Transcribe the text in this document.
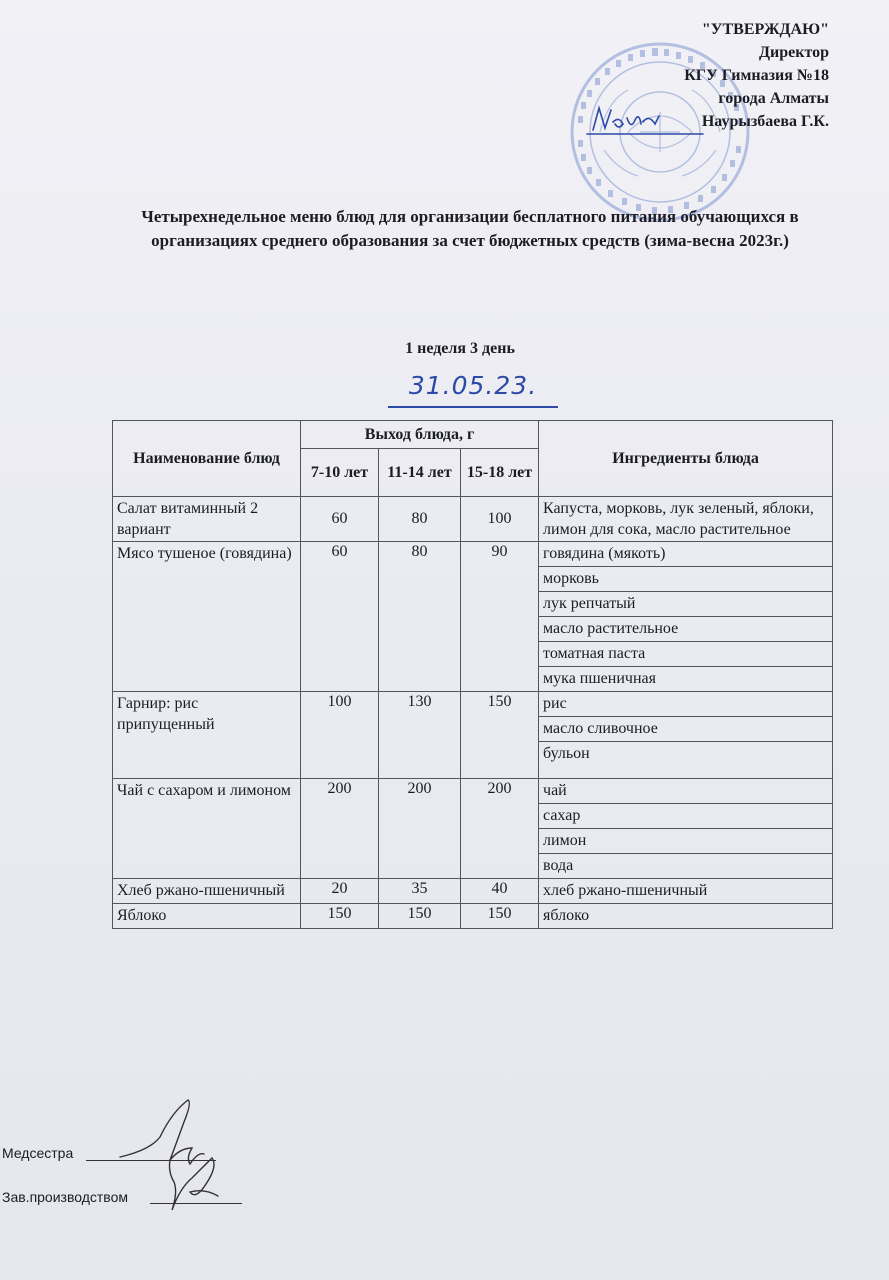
"УТВЕРЖДАЮ"
Директор
КГУ Гимназия №18
города Алматы
Наурызбаева Г.К.
Четырехнедельное меню блюд для организации бесплатного питания обучающихся в организациях среднего образования за счет бюджетных средств (зима-весна 2023г.)
1 неделя 3 день
31.05.23.
Наименование блюд	Выход блюда, г			Ингредиенты блюда
	7-10 лет	11-14 лет	15-18 лет	
Салат витаминный 2 вариант	60	80	100	Капуста, морковь, лук зеленый, яблоки, лимон для сока, масло растительное
Мясо тушеное (говядина)	60	80	90	говядина (мякоть)
				морковь
				лук репчатый
				масло растительное
				томатная паста
				мука пшеничная
Гарнир: рис припущенный	100	130	150	рис
				масло сливочное
				бульон
Чай с сахаром и лимоном	200	200	200	чай
				сахар
				лимон
				вода
Хлеб ржано-пшеничный	20	35	40	хлеб ржано-пшеничный
Яблоко	150	150	150	яблоко
Медсестра
Зав.производством
